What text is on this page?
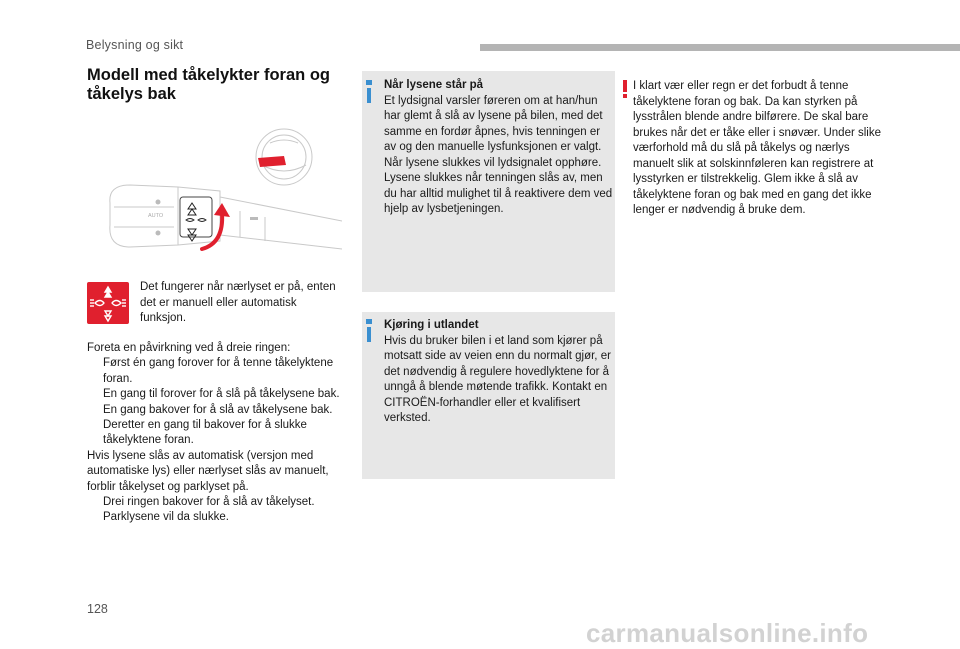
Belysning og sikt
Modell med tåkelykter foran og tåkelys bak
AUTO
Det fungerer når nærlyset er på, enten det er manuell eller automatisk funksjon.

Foreta en påvirkning ved å dreie ringen:

Først én gang forover for å tenne tåkelyktene foran.

En gang til forover for å slå på tåkelysene bak.

En gang bakover for å slå av tåkelysene bak.

Deretter en gang til bakover for å slukke tåkelyktene foran.

Hvis lysene slås av automatisk (versjon med automatiske lys) eller nærlyset slås av manuelt, forblir tåkelyset og parklyset på.

Drei ringen bakover for å slå av tåkelyset. Parklysene vil da slukke.

Når lysene står på
Et lydsignal varsler føreren om at han/hun har glemt å slå av lysene på bilen, med det samme en fordør åpnes, hvis tenningen er av og den manuelle lysfunksjonen er valgt. Når lysene slukkes vil lydsignalet opphøre. Lysene slukkes når tenningen slås av, men du har alltid mulighet til å reaktivere dem ved hjelp av lysbetjeningen.
Kjøring i utlandet
Hvis du bruker bilen i et land som kjører på motsatt side av veien enn du normalt gjør, er det nødvendig å regulere hovedlyktene for å unngå å blende møtende trafikk. Kontakt en CITROËN-forhandler eller et kvalifisert verksted.
I klart vær eller regn er det forbudt å tenne tåkelyktene foran og bak. Da kan styrken på lysstrålen blende andre bilførere. De skal bare brukes når det er tåke eller i snøvær. Under slike værforhold må du slå på tåkelys og nærlys manuelt slik at solskinnføleren kan registrere at lysstyrken er tilstrekkelig. Glem ikke å slå av tåkelyktene foran og bak med en gang det ikke lenger er nødvendig å bruke dem.
128
carmanualsonline.info
